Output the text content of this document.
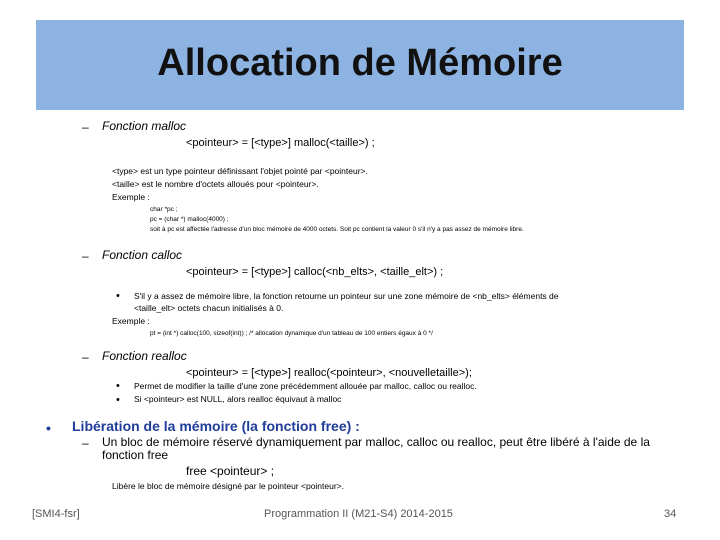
Allocation de Mémoire
– Fonction malloc
<pointeur> = [<type>] malloc(<taille>) ;
<type> est un type pointeur définissant l'objet pointé par <pointeur>.
<taille> est le nombre d'octets alloués pour <pointeur>.
Exemple :
char *pc ;
pc = (char *) malloc(4000) ;
soit à pc est affectée l'adresse d'un bloc mémoire de 4000 octets. Soit pc contient la valeur 0 s'il n'y a pas assez de mémoire libre.
– Fonction calloc
<pointeur> = [<type>] calloc(<nb_elts>, <taille_elt>) ;
• S'il y a assez de mémoire libre, la fonction retourne un pointeur sur une zone mémoire de <nb_elts> éléments de
<taille_elt> octets chacun initialisés à 0.
Exemple :
pt = (int *) calloc(100, sizeof(int)) ; /* allocation dynamique d'un tableau de 100 entiers égaux à 0 */
– Fonction realloc
<pointeur> = [<type>] realloc(<pointeur>, <nouvelletaille>);
• Permet de modifier la taille d'une zone précédemment allouée par malloc, calloc ou realloc.
• Si <pointeur> est NULL, alors realloc équivaut à malloc
• Libération de la mémoire (la fonction free) :
– Un bloc de mémoire réservé dynamiquement par malloc, calloc ou realloc, peut être libéré à l'aide de la
fonction free
free <pointeur> ;
Libère le bloc de mémoire désigné par le pointeur <pointeur>.
[SMI4-fsr]	Programmation II (M21-S4) 2014-2015	34
